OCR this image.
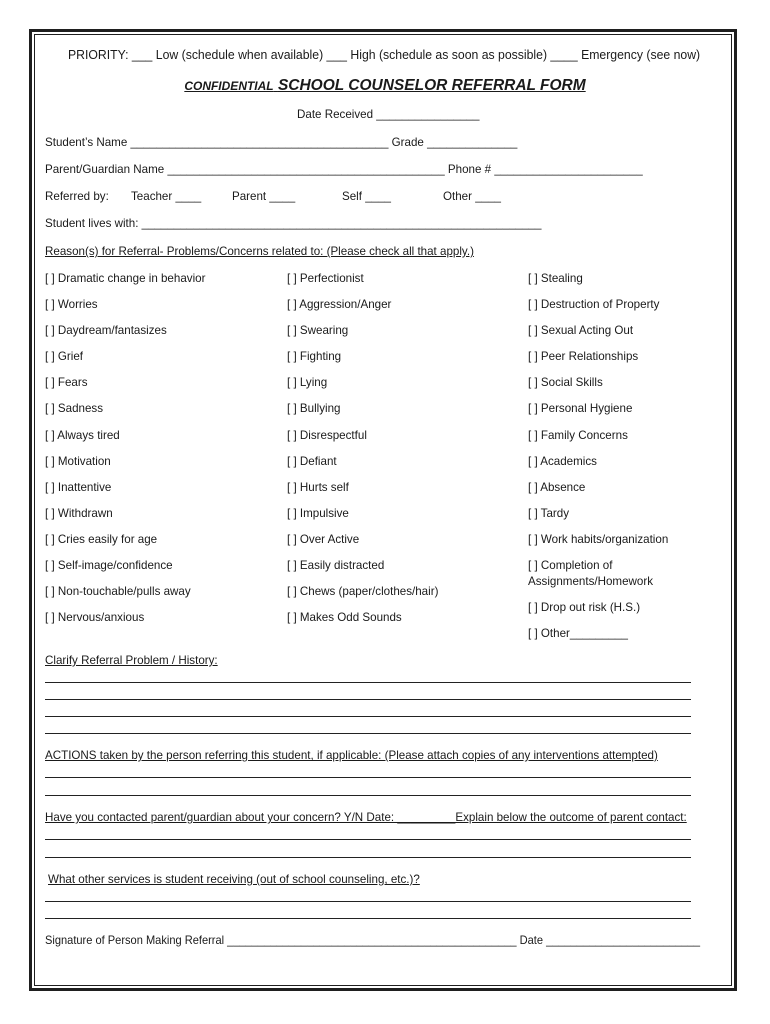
PRIORITY: ___ Low (schedule when available) ___ High (schedule as soon as possible) ____ Emergency (see now)
CONFIDENTIAL SCHOOL COUNSELOR REFERRAL FORM
Date Received ________________
Student’s Name ________________________________________ Grade ______________
Parent/Guardian Name ___________________________________________ Phone # _______________________
Referred by: Teacher ____	Parent ____	Self ____	Other ____
Student lives with: ______________________________________________________________
Reason(s) for Referral- Problems/Concerns related to: (Please check all that apply.)
[ ] Dramatic change in behavior
[ ] Worries
[ ] Daydream/fantasizes
[ ] Grief
[ ] Fears
[ ] Sadness
[ ] Always tired
[ ] Motivation
[ ] Inattentive
[ ] Withdrawn
[ ] Cries easily for age
[ ] Self-image/confidence
[ ] Non-touchable/pulls away
[ ] Nervous/anxious
[ ] Perfectionist
[ ] Aggression/Anger
[ ] Swearing
[ ] Fighting
[ ] Lying
[ ] Bullying
[ ] Disrespectful
[ ] Defiant
[ ] Hurts self
[ ] Impulsive
[ ] Over Active
[ ] Easily distracted
[ ] Chews (paper/clothes/hair)
[ ] Makes Odd Sounds
[ ] Stealing
[ ] Destruction of Property
[ ] Sexual Acting Out
[ ] Peer Relationships
[ ] Social Skills
[ ] Personal Hygiene
[ ] Family Concerns
[ ] Academics
[ ] Absence
[ ] Tardy
[ ] Work habits/organization
[ ] Completion of
Assignments/Homework
[ ] Drop out risk (H.S.)
[ ] Other_________
Clarify Referral Problem / History:
ACTIONS taken by the person referring this student, if applicable: (Please attach copies of any interventions attempted)
Have you contacted parent/guardian about your concern? Y/N Date: _________Explain below the outcome of parent contact:
What other services is student receiving (out of school counseling, etc.)?
Signature of Person Making Referral _______________________________________________ Date _________________________
